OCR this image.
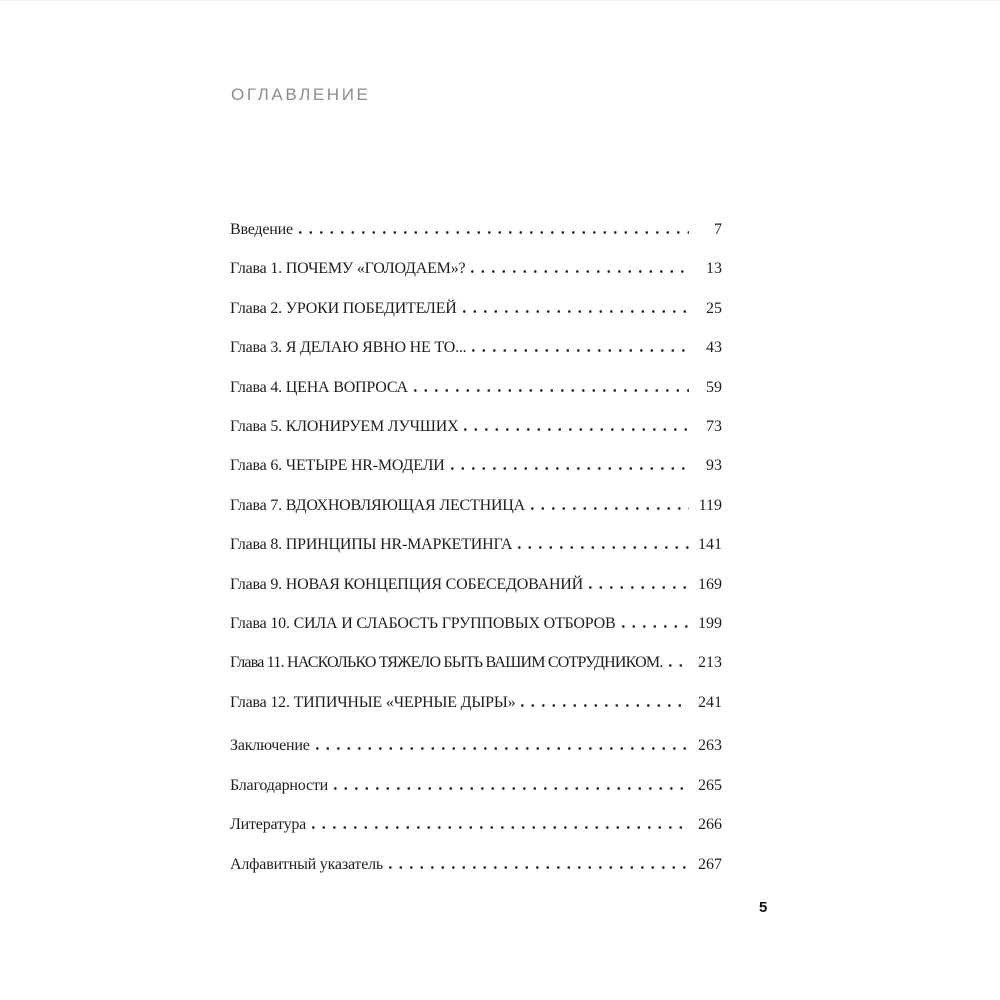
ОГЛАВЛЕНИЕ
Введение	7
Глава 1. ПОЧЕМУ «ГОЛОДАЕМ»?	13
Глава 2. УРОКИ ПОБЕДИТЕЛЕЙ	25
Глава 3. Я ДЕЛАЮ ЯВНО НЕ ТО...	43
Глава 4. ЦЕНА ВОПРОСА	59
Глава 5. КЛОНИРУЕМ ЛУЧШИХ	73
Глава 6. ЧЕТЫРЕ HR-МОДЕЛИ	93
Глава 7. ВДОХНОВЛЯЮЩАЯ ЛЕСТНИЦА	119
Глава 8. ПРИНЦИПЫ HR-МАРКЕТИНГА	141
Глава 9. НОВАЯ КОНЦЕПЦИЯ СОБЕСЕДОВАНИЙ	169
Глава 10. СИЛА И СЛАБОСТЬ ГРУППОВЫХ ОТБОРОВ	199
Глава 11. НАСКОЛЬКО ТЯЖЕЛО БЫТЬ ВАШИМ СОТРУДНИКОМ. 213
Глава 12. ТИПИЧНЫЕ «ЧЕРНЫЕ ДЫРЫ»	241
Заключение	263
Благодарности	265
Литература	266
Алфавитный указатель	267
5
